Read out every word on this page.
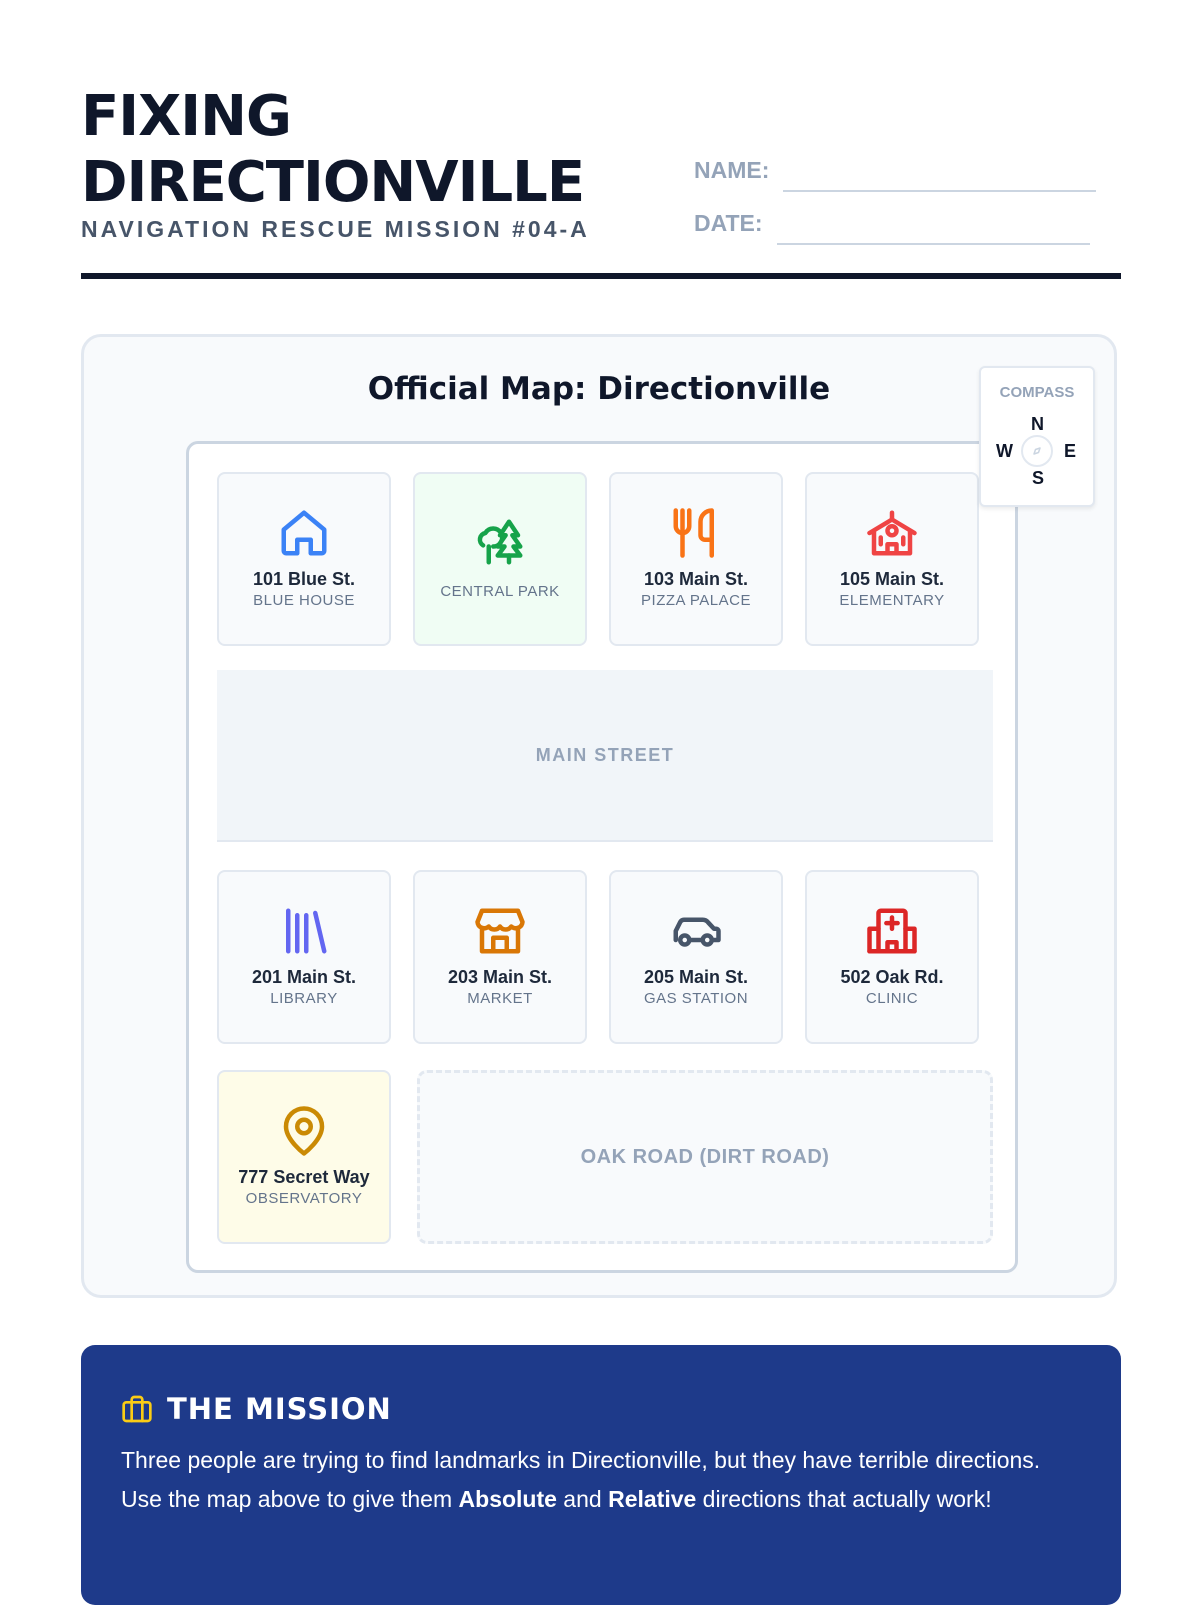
FIXING
DIRECTIONVILLE
NAVIGATION RESCUE MISSION #04-A
NAME:
DATE:
Official Map: Directionville
101 Blue St.
BLUE HOUSE
CENTRAL PARK
103 Main St.
PIZZA PALACE
105 Main St.
ELEMENTARY
MAIN STREET
201 Main St.
LIBRARY
203 Main St.
MARKET
205 Main St.
GAS STATION
502 Oak Rd.
CLINIC
777 Secret Way
OBSERVATORY
OAK ROAD (DIRT ROAD)
COMPASS
N
W	E
S
THE MISSION
Three people are trying to find landmarks in Directionville, but they have terrible directions. Use the map above to give them Absolute and Relative directions that actually work!
